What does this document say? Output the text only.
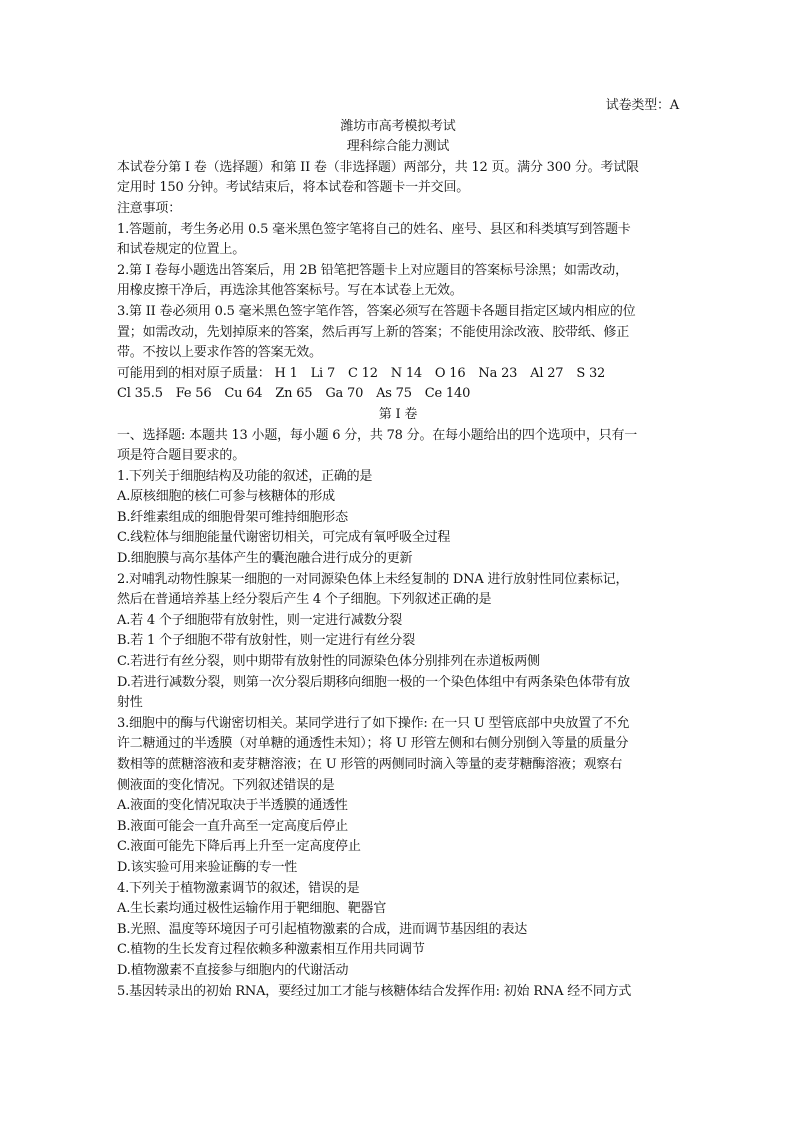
试卷类型：A
潍坊市高考模拟考试
理科综合能力测试
本试卷分第 I 卷（选择题）和第 II 卷（非选择题）两部分，共 12 页。满分 300 分。考试限
定用时 150 分钟。考试结束后，将本试卷和答题卡一并交回。
注意事项：
1.答题前，考生务必用 0.5 毫米黑色签字笔将自己的姓名、座号、县区和科类填写到答题卡
和试卷规定的位置上。
2.第 I 卷每小题选出答案后，用 2B 铅笔把答题卡上对应题目的答案标号涂黑；如需改动，
用橡皮擦干净后，再选涂其他答案标号。写在本试卷上无效。
3.第 II 卷必须用 0.5 毫米黑色签字笔作答，答案必须写在答题卡各题目指定区域内相应的位
置；如需改动，先划掉原来的答案，然后再写上新的答案；不能使用涂改液、胶带纸、修正
带。不按以上要求作答的答案无效。
可能用到的相对原子质量： H 1 Li 7 C 12 N 14 O 16 Na 23 Al 27 S 32
Cl 35.5 Fe 56 Cu 64 Zn 65 Ga 70 As 75 Ce 140
第 I 卷
一、选择题: 本题共 13 小题，每小题 6 分，共 78 分。在每小题给出的四个选项中，只有一
项是符合题目要求的。
1.下列关于细胞结构及功能的叙述，正确的是
A.原核细胞的核仁可参与核糖体的形成
B.纤维素组成的细胞骨架可维持细胞形态
C.线粒体与细胞能量代谢密切相关，可完成有氧呼吸全过程
D.细胞膜与高尔基体产生的囊泡融合进行成分的更新
2.对哺乳动物性腺某一细胞的一对同源染色体上未经复制的 DNA 进行放射性同位素标记，
然后在普通培养基上经分裂后产生 4 个子细胞。下列叙述正确的是
A.若 4 个子细胞带有放射性，则一定进行减数分裂
B.若 1 个子细胞不带有放射性，则一定进行有丝分裂
C.若进行有丝分裂，则中期带有放射性的同源染色体分别排列在赤道板两侧
D.若进行减数分裂，则第一次分裂后期移向细胞一极的一个染色体组中有两条染色体带有放
射性
3.细胞中的酶与代谢密切相关。某同学进行了如下操作: 在一只 U 型管底部中央放置了不允
许二糖通过的半透膜（对单糖的通透性未知）；将 U 形管左侧和右侧分别倒入等量的质量分
数相等的蔗糖溶液和麦芽糖溶液；在 U 形管的两侧同时滴入等量的麦芽糖酶溶液；观察右
侧液面的变化情况。下列叙述错误的是
A.液面的变化情况取决于半透膜的通透性
B.液面可能会一直升高至一定高度后停止
C.液面可能先下降后再上升至一定高度停止
D.该实验可用来验证酶的专一性
4.下列关于植物激素调节的叙述，错误的是
A.生长素均通过极性运输作用于靶细胞、靶器官
B.光照、温度等环境因子可引起植物激素的合成，进而调节基因组的表达
C.植物的生长发育过程依赖多种激素相互作用共同调节
D.植物激素不直接参与细胞内的代谢活动
5.基因转录出的初始 RNA，要经过加工才能与核糖体结合发挥作用: 初始 RNA 经不同方式
